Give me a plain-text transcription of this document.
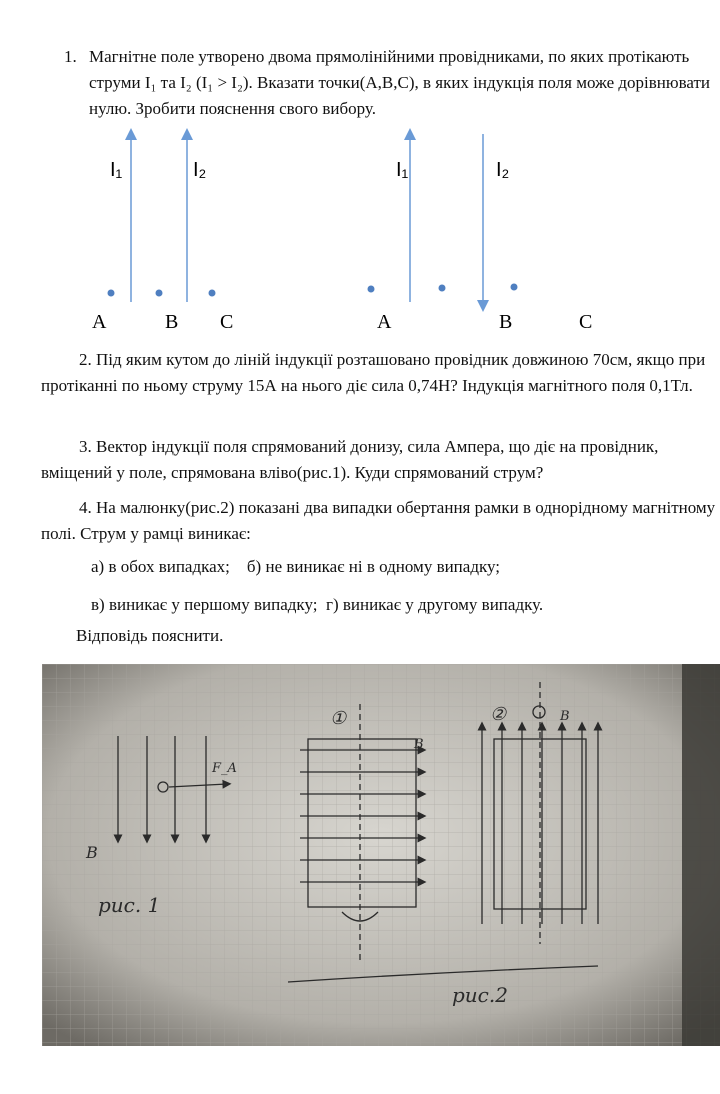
1. Магнітне поле утворено двома прямолінійними провідниками, по яких протікають струми I₁ та I₂ (I₁ > I₂). Вказати точки(A,B,C), в яких індукція поля може дорівнювати нулю. Зробити пояснення свого вибору.
I₁	I₂
A	B C
I₁	I₂
A	B	C

2. Під яким кутом до ліній індукції розташовано провідник довжиною 70см, якщо при протіканні по ньому струму 15А на нього діє сила 0,74Н? Індукція магнітного поля 0,1Тл.

3. Вектор індукції поля спрямований донизу, сила Ампера, що діє на провідник, вміщений у поле, спрямована вліво(рис.1). Куди спрямований струм?

4. На малюнку(рис.2) показані два випадки обертання рамки в однорідному магнітному полі. Струм у рамці виникає:

а) в обох випадках; б) не виникає ні в одному випадку;
в) виникає у першому випадку; г) виникає у другому випадку.
Відповідь пояснити.
F_A
B
рис. 1
①
B
②	B
рис.2
